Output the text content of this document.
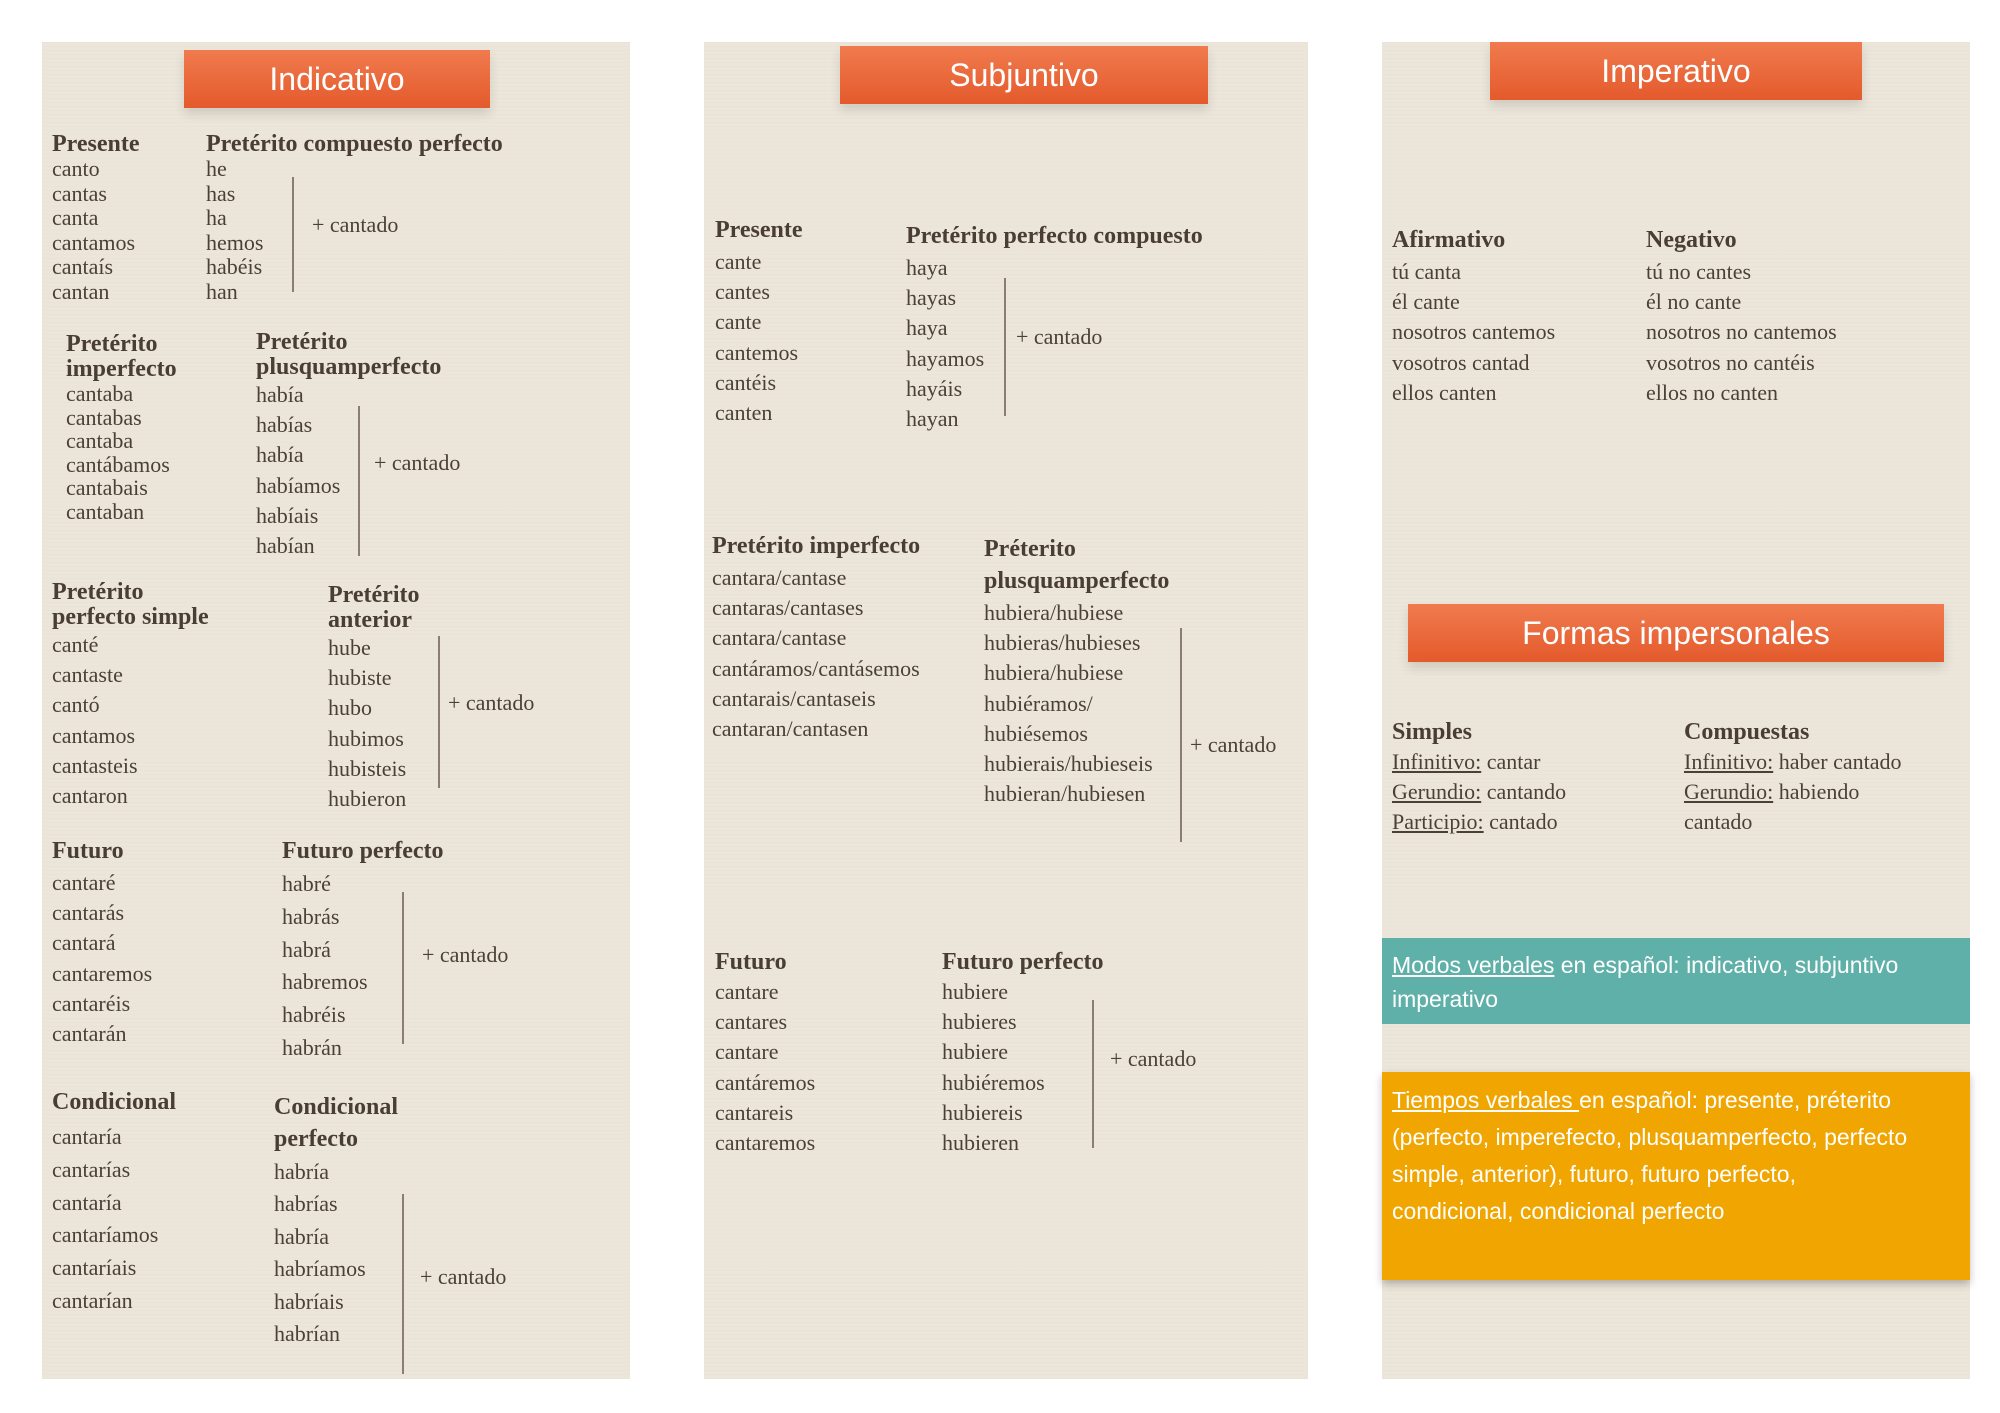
Indicativo
Presente
canto
cantas
canta
cantamos
cantaís
cantan
Pretérito compuesto perfecto
he
has
ha
hemos
habéis
han
+ cantado
Pretérito
imperfecto
cantaba
cantabas
cantaba
cantábamos
cantabais
cantaban
Pretérito
plusquamperfecto
había
habías
había
habíamos
habíais
habían
+ cantado
Pretérito
perfecto simple
canté
cantaste
cantó
cantamos
cantasteis
cantaron
Pretérito
anterior
hube
hubiste
hubo
hubimos
hubisteis
hubieron
+ cantado
Futuro
cantaré
cantarás
cantará
cantaremos
cantaréis
cantarán
Futuro perfecto
habré
habrás
habrá
habremos
habréis
habrán
+ cantado
Condicional
cantaría
cantarías
cantaría
cantaríamos
cantaríais
cantarían
Condicional
perfecto
habría
habrías
habría
habríamos
habríais
habrían
+ cantado
Subjuntivo
Presente
cante
cantes
cante
cantemos
cantéis
canten
Pretérito perfecto compuesto
haya
hayas
haya
hayamos
hayáis
hayan
+ cantado
Pretérito imperfecto
cantara/cantase
cantaras/cantases
cantara/cantase
cantáramos/cantásemos
cantarais/cantaseis
cantaran/cantasen
Préterito
plusquamperfecto
hubiera/hubiese
hubieras/hubieses
hubiera/hubiese
hubiéramos/
hubiésemos
hubierais/hubieseis
hubieran/hubiesen
+ cantado
Futuro
cantare
cantares
cantare
cantáremos
cantareis
cantaremos
Futuro perfecto
hubiere
hubieres
hubiere
hubiéremos
hubiereis
hubieren
+ cantado
Imperativo
Afirmativo
tú canta
él cante
nosotros cantemos
vosotros cantad
ellos canten
Negativo
tú no cantes
él no cante
nosotros no cantemos
vosotros no cantéis
ellos no canten
Formas impersonales
Simples
Infinitivo: cantar
Gerundio: cantando
Participio: cantado
Compuestas
Infinitivo: haber cantado
Gerundio: habiendo
cantado
Modos verbales en español: indicativo, subjuntivo
imperativo
Tiempos verbales en español: presente, préterito
(perfecto, imperefecto, plusquamperfecto, perfecto
simple, anterior), futuro, futuro perfecto,
condicional, condicional perfecto
